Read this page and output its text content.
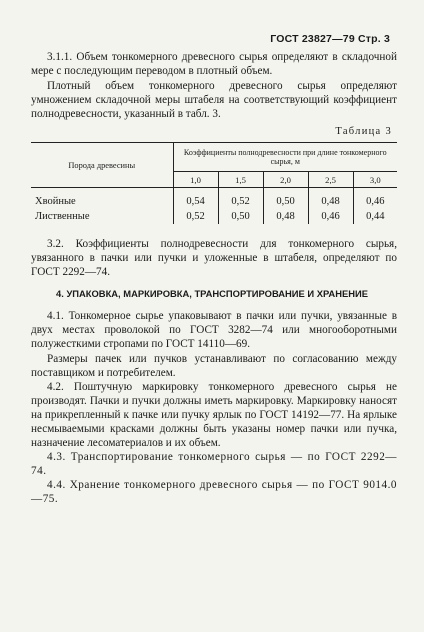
ГОСТ 23827—79 Стр. 3
3.1.1. Объем тонкомерного древесного сырья определяют в складочной мере с последующим переводом в плотный объем.
Плотный объем тонкомерного древесного сырья определяют умножением складочной меры штабеля на соответствующий коэффициент полнодревесности, указанный в табл. 3.
Таблица 3
Порода древесины	Коэффициенты полнодревесности при длине тонкомерного сырья, м				
	1,0	1,5	2,0	2,5	3,0
Хвойные	0,54	0,52	0,50	0,48	0,46
Лиственные	0,52	0,50	0,48	0,46	0,44
3.2. Коэффициенты полнодревесности для тонкомерного сырья, увязанного в пачки или пучки и уложенные в штабеля, определяют по ГОСТ 2292—74.
4. УПАКОВКА, МАРКИРОВКА, ТРАНСПОРТИРОВАНИЕ И ХРАНЕНИЕ
4.1. Тонкомерное сырье упаковывают в пачки или пучки, увязанные в двух местах проволокой по ГОСТ 3282—74 или многооборотными полужесткими стропами по ГОСТ 14110—69.
Размеры пачек или пучков устанавливают по согласованию между поставщиком и потребителем.
4.2. Поштучную маркировку тонкомерного древесного сырья не производят. Пачки и пучки должны иметь маркировку. Маркировку наносят на прикрепленный к пачке или пучку ярлык по ГОСТ 14192—77. На ярлыке несмываемыми красками должны быть указаны номер пачки или пучка, назначение лесоматериалов и их объем.
4.3. Транспортирование тонкомерного сырья — по ГОСТ 2292—74.
4.4. Хранение тонкомерного древесного сырья — по ГОСТ 9014.0—75.
